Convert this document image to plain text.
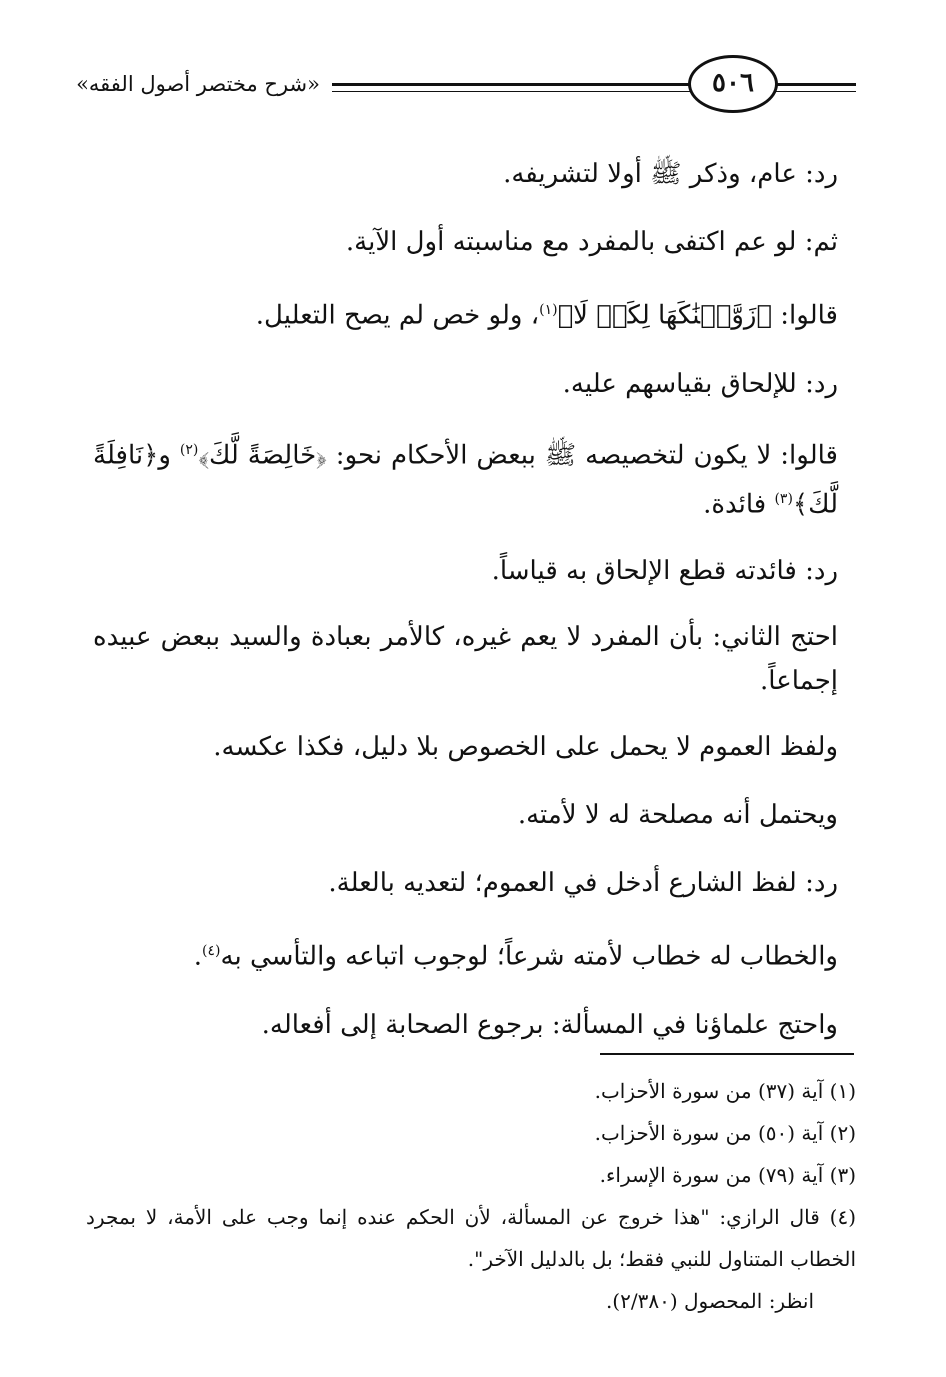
«شرح مختصر أصول الفقه»	٥٠٦

رد: عام، وذكر ﷺ أولا لتشريفه.

ثم: لو عم اكتفى بالمفرد مع مناسبته أول الآية.

قالوا: ﴿زَوَّجۡنَٰكَهَا لِكَيۡ لَا﴾$^{(١)}$، ولو خص لم يصح التعليل.

رد: للإلحاق بقياسهم عليه.

قالوا: لا يكون لتخصيصه ﷺ ببعض الأحكام نحو: ﴿خَالِصَةً لَّكَ﴾$^{(٢)}$ و﴿نَافِلَةً لَّكَ﴾$^{(٣)}$ فائدة.

رد: فائدته قطع الإلحاق به قياساً.

احتج الثاني: بأن المفرد لا يعم غيره، كالأمر بعبادة والسيد ببعض عبيده إجماعاً.

ولفظ العموم لا يحمل على الخصوص بلا دليل، فكذا عكسه.

ويحتمل أنه مصلحة له لا لأمته.

رد: لفظ الشارع أدخل في العموم؛ لتعديه بالعلة.

والخطاب له خطاب لأمته شرعاً؛ لوجوب اتباعه والتأسي به$^{(٤)}$.

واحتج علماؤنا في المسألة: برجوع الصحابة إلى أفعاله.

(١) آية (٣٧) من سورة الأحزاب.

(٢) آية (٥٠) من سورة الأحزاب.

(٣) آية (٧٩) من سورة الإسراء.

(٤) قال الرازي: "هذا خروج عن المسألة، لأن الحكم عنده إنما وجب على الأمة، لا بمجرد الخطاب المتناول للنبي فقط؛ بل بالدليل الآخر".

انظر: المحصول (٢/٣٨٠).
